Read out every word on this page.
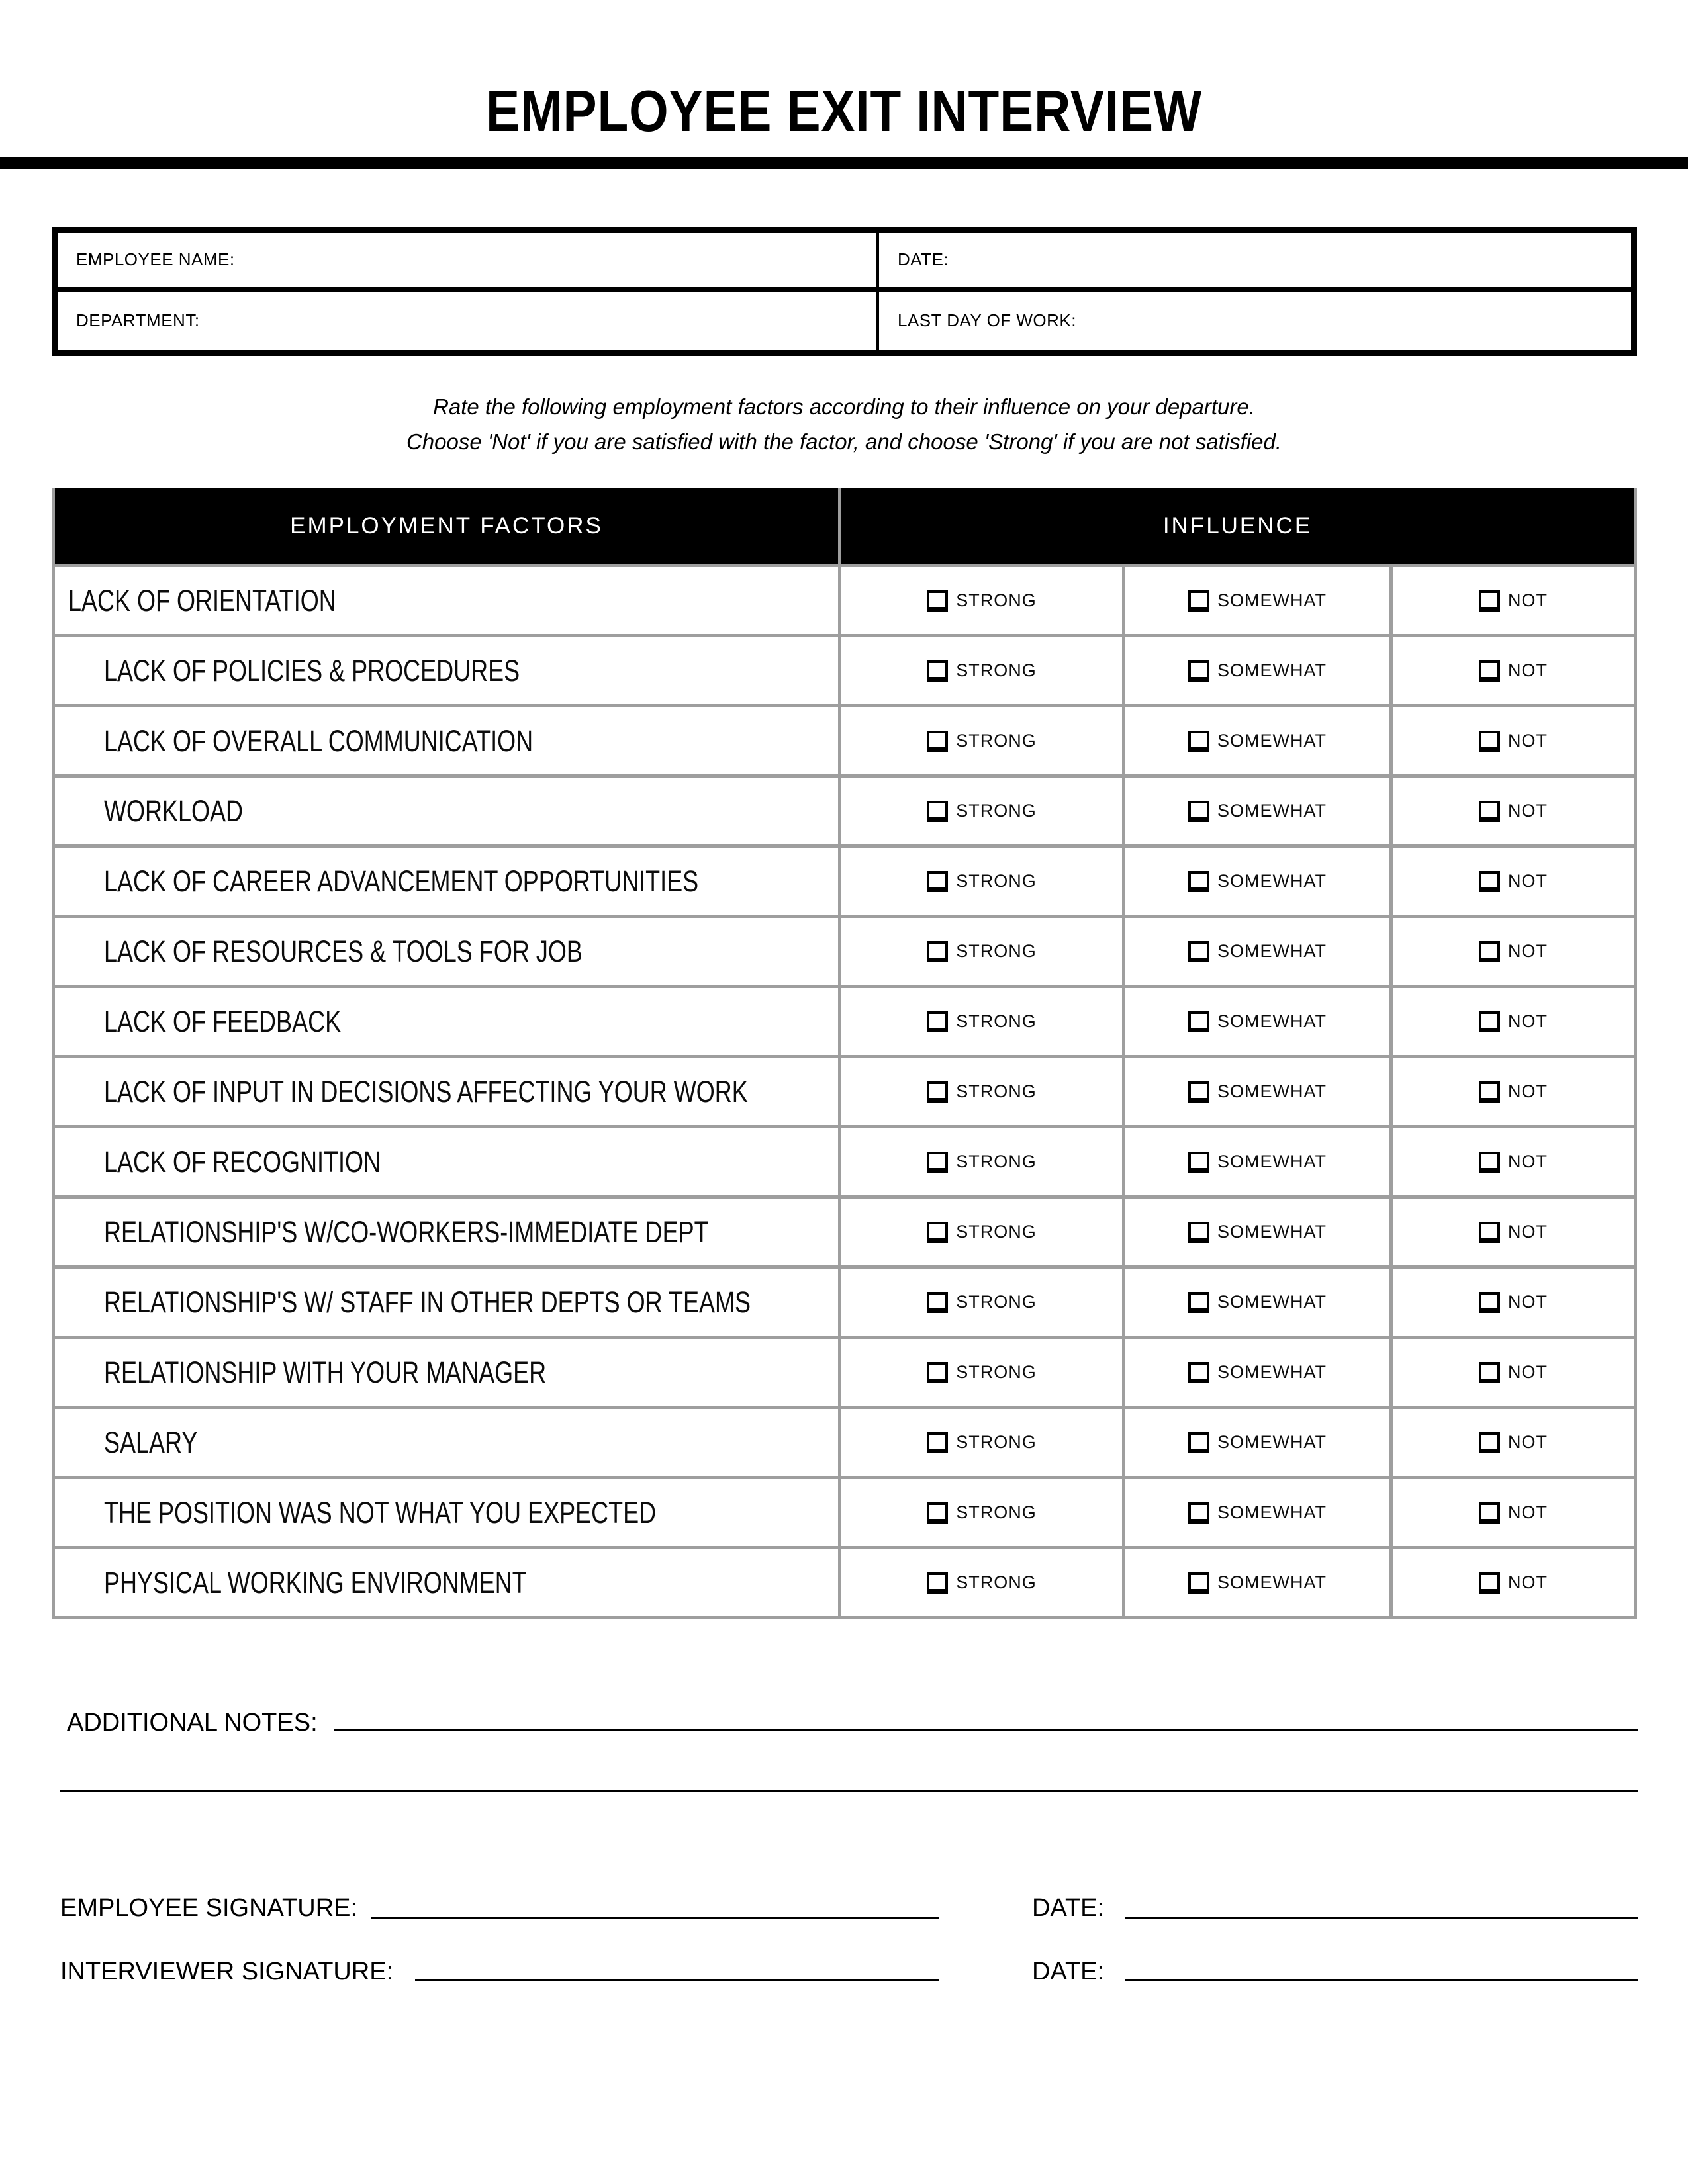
EMPLOYEE EXIT INTERVIEW
EMPLOYEE NAME:	DATE:
DEPARTMENT:	LAST DAY OF WORK:
Rate the following employment factors according to their influence on your departure.
Choose 'Not' if you are satisfied with the factor, and choose 'Strong' if you are not satisfied.
EMPLOYMENT FACTORS	INFLUENCE
LACK OF ORIENTATION	STRONG	SOMEWHAT	NOT
LACK OF POLICIES & PROCEDURES	STRONG	SOMEWHAT	NOT
LACK OF OVERALL COMMUNICATION	STRONG	SOMEWHAT	NOT
WORKLOAD	STRONG	SOMEWHAT	NOT
LACK OF CAREER ADVANCEMENT OPPORTUNITIES	STRONG	SOMEWHAT	NOT
LACK OF RESOURCES & TOOLS FOR JOB	STRONG	SOMEWHAT	NOT
LACK OF FEEDBACK	STRONG	SOMEWHAT	NOT
LACK OF INPUT IN DECISIONS AFFECTING YOUR WORK	STRONG	SOMEWHAT	NOT
LACK OF RECOGNITION	STRONG	SOMEWHAT	NOT
RELATIONSHIP'S W/CO-WORKERS-IMMEDIATE DEPT	STRONG	SOMEWHAT	NOT
RELATIONSHIP'S W/ STAFF IN OTHER DEPTS OR TEAMS	STRONG	SOMEWHAT	NOT
RELATIONSHIP WITH YOUR MANAGER	STRONG	SOMEWHAT	NOT
SALARY	STRONG	SOMEWHAT	NOT
THE POSITION WAS NOT WHAT YOU EXPECTED	STRONG	SOMEWHAT	NOT
PHYSICAL WORKING ENVIRONMENT	STRONG	SOMEWHAT	NOT
ADDITIONAL NOTES:
EMPLOYEE SIGNATURE:	DATE:
INTERVIEWER SIGNATURE:	DATE:
